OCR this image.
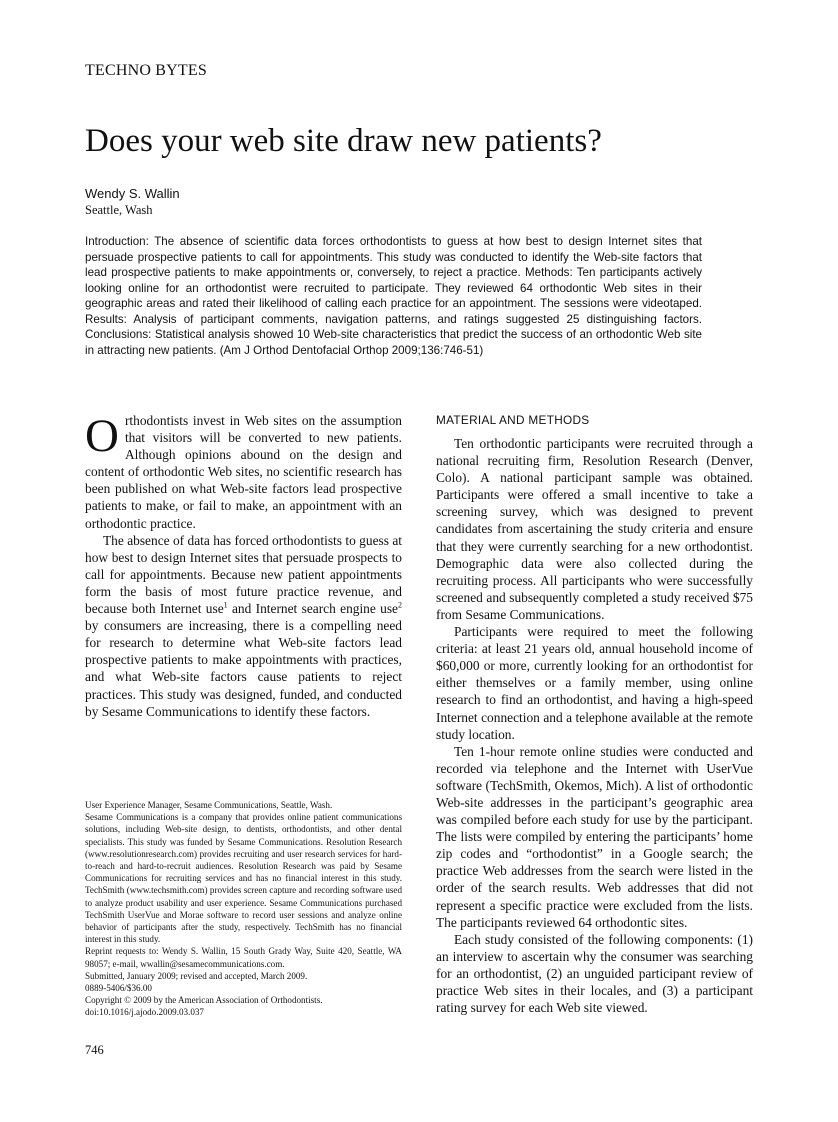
TECHNO BYTES
Does your web site draw new patients?
Wendy S. Wallin
Seattle, Wash
Introduction: The absence of scientific data forces orthodontists to guess at how best to design Internet sites that persuade prospective patients to call for appointments. This study was conducted to identify the Web-site factors that lead prospective patients to make appointments or, conversely, to reject a practice. Methods: Ten participants actively looking online for an orthodontist were recruited to participate. They reviewed 64 orthodontic Web sites in their geographic areas and rated their likelihood of calling each practice for an appointment. The sessions were videotaped. Results: Analysis of participant comments, navigation patterns, and ratings suggested 25 distinguishing factors. Conclusions: Statistical analysis showed 10 Web-site characteristics that predict the success of an orthodontic Web site in attracting new patients. (Am J Orthod Dentofacial Orthop 2009;136:746-51)

Orthodontists invest in Web sites on the assumption that visitors will be converted to new patients. Although opinions abound on the design and content of orthodontic Web sites, no scientific research has been published on what Web-site factors lead prospective patients to make, or fail to make, an appointment with an orthodontic practice.

The absence of data has forced orthodontists to guess at how best to design Internet sites that persuade prospects to call for appointments. Because new patient appointments form the basis of most future practice revenue, and because both Internet use$^1$ and Internet search engine use$^2$ by consumers are increasing, there is a compelling need for research to determine what Web-site factors lead prospective patients to make appointments with practices, and what Web-site factors cause patients to reject practices. This study was designed, funded, and conducted by Sesame Communications to identify these factors.

MATERIAL AND METHODS

Ten orthodontic participants were recruited through a national recruiting firm, Resolution Research (Denver, Colo). A national participant sample was obtained. Participants were offered a small incentive to take a screening survey, which was designed to prevent candidates from ascertaining the study criteria and ensure that they were currently searching for a new orthodontist. Demographic data were also collected during the recruiting process. All participants who were successfully screened and subsequently completed a study received $75 from Sesame Communications.

Participants were required to meet the following criteria: at least 21 years old, annual household income of $60,000 or more, currently looking for an orthodontist for either themselves or a family member, using online research to find an orthodontist, and having a high-speed Internet connection and a telephone available at the remote study location.

Ten 1-hour remote online studies were conducted and recorded via telephone and the Internet with UserVue software (TechSmith, Okemos, Mich). A list of orthodontic Web-site addresses in the participant’s geographic area was compiled before each study for use by the participant. The lists were compiled by entering the participants’ home zip codes and “orthodontist” in a Google search; the practice Web addresses from the search were listed in the order of the search results. Web addresses that did not represent a specific practice were excluded from the lists. The participants reviewed 64 orthodontic sites.

Each study consisted of the following components: (1) an interview to ascertain why the consumer was searching for an orthodontist, (2) an unguided participant review of practice Web sites in their locales, and (3) a participant rating survey for each Web site viewed.

User Experience Manager, Sesame Communications, Seattle, Wash.
Sesame Communications is a company that provides online patient communications solutions, including Web-site design, to dentists, orthodontists, and other dental specialists. This study was funded by Sesame Communications. Resolution Research (www.resolutionresearch.com) provides recruiting and user research services for hard-to-reach and hard-to-recruit audiences. Resolution Research was paid by Sesame Communications for recruiting services and has no financial interest in this study. TechSmith (www.techsmith.com) provides screen capture and recording software used to analyze product usability and user experience. Sesame Communications purchased TechSmith UserVue and Morae software to record user sessions and analyze online behavior of participants after the study, respectively. TechSmith has no financial interest in this study.
Reprint requests to: Wendy S. Wallin, 15 South Grady Way, Suite 420, Seattle, WA 98057; e-mail, wwallin@sesamecommunications.com.
Submitted, January 2009; revised and accepted, March 2009.
0889-5406/$36.00
Copyright © 2009 by the American Association of Orthodontists.
doi:10.1016/j.ajodo.2009.03.037
746
